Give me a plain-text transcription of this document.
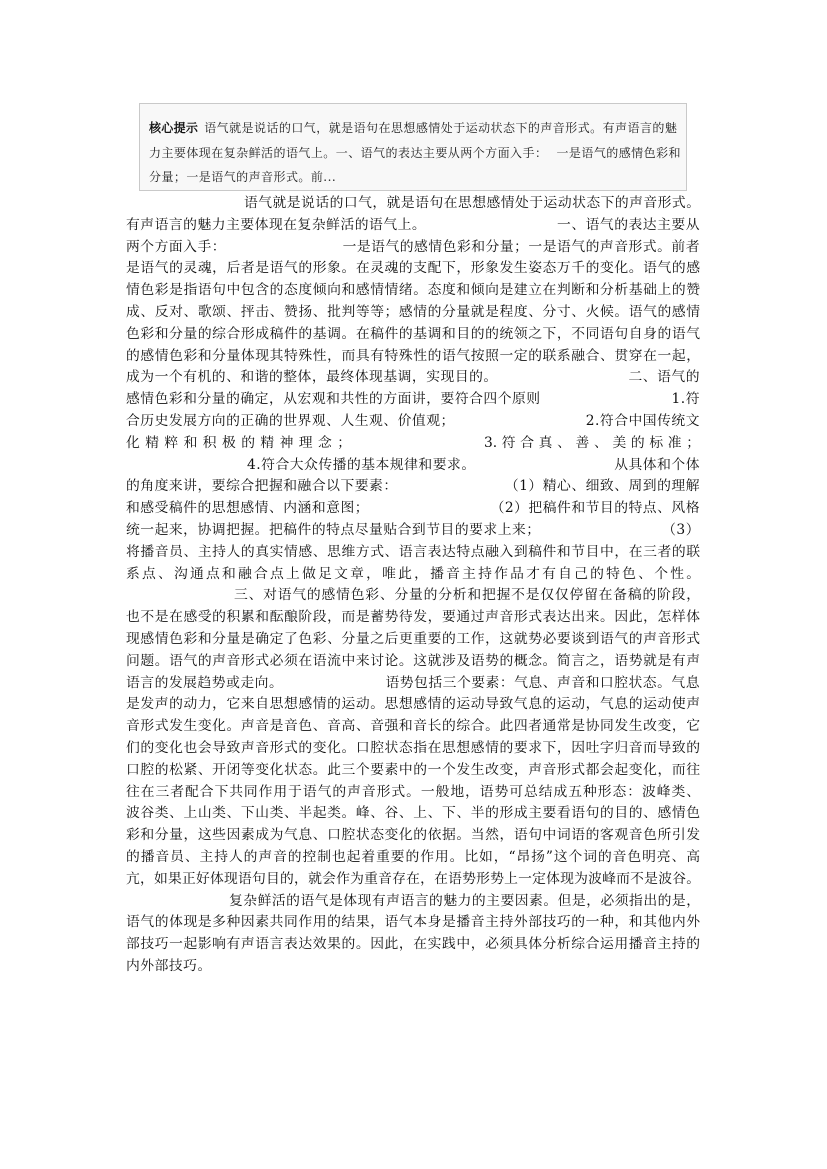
核心提示 语气就是说话的口气，就是语句在思想感情处于运动状态下的声音形式。有声语言的魅
力主要体现在复杂鲜活的语气上。一、语气的表达主要从两个方面入手： 一是语气的感情色彩和
分量；一是语气的声音形式。前...
语气就是说话的口气，就是语句在思想感情处于运动状态下的声音形式。
有声语言的魅力主要体现在复杂鲜活的语气上。	一、语气的表达主要从
两个方面入手：	一是语气的感情色彩和分量；一是语气的声音形式。前者
是语气的灵魂，后者是语气的形象。在灵魂的支配下，形象发生姿态万千的变化。语气的感
情色彩是指语句中包含的态度倾向和感情情绪。态度和倾向是建立在判断和分析基础上的赞
成、反对、歌颂、抨击、赞扬、批判等等；感情的分量就是程度、分寸、火候。语气的感情
色彩和分量的综合形成稿件的基调。在稿件的基调和目的的统领之下，不同语句自身的语气
的感情色彩和分量体现其特殊性，而具有特殊性的语气按照一定的联系融合、贯穿在一起，
成为一个有机的、和谐的整体，最终体现基调，实现目的。	二、语气的
感情色彩和分量的确定，从宏观和共性的方面讲，要符合四个原则	1.符
合历史发展方向的正确的世界观、人生观、价值观；	2.符合中国传统文
化精粹和积极的精神理念；	3.符合真、善、美的标准；
4.符合大众传播的基本规律和要求。	从具体和个体
的角度来讲，要综合把握和融合以下要素：	（1）精心、细致、周到的理解
和感受稿件的思想感情、内涵和意图；	（2）把稿件和节目的特点、风格
统一起来，协调把握。把稿件的特点尽量贴合到节目的要求上来；	（3）
将播音员、主持人的真实情感、思维方式、语言表达特点融入到稿件和节目中，在三者的联
系点、沟通点和融合点上做足文章，唯此，播音主持作品才有自己的特色、个性。
三、对语气的感情色彩、分量的分析和把握不是仅仅停留在备稿的阶段，
也不是在感受的积累和酝酿阶段，而是蓄势待发，要通过声音形式表达出来。因此，怎样体
现感情色彩和分量是确定了色彩、分量之后更重要的工作，这就势必要谈到语气的声音形式
问题。语气的声音形式必须在语流中来讨论。这就涉及语势的概念。简言之，语势就是有声
语言的发展趋势或走向。	语势包括三个要素：气息、声音和口腔状态。气息
是发声的动力，它来自思想感情的运动。思想感情的运动导致气息的运动，气息的运动使声
音形式发生变化。声音是音色、音高、音强和音长的综合。此四者通常是协同发生改变，它
们的变化也会导致声音形式的变化。口腔状态指在思想感情的要求下，因吐字归音而导致的
口腔的松紧、开闭等变化状态。此三个要素中的一个发生改变，声音形式都会起变化，而往
往在三者配合下共同作用于语气的声音形式。一般地，语势可总结成五种形态：波峰类、
波谷类、上山类、下山类、半起类。峰、谷、上、下、半的形成主要看语句的目的、感情色
彩和分量，这些因素成为气息、口腔状态变化的依据。当然，语句中词语的客观音色所引发
的播音员、主持人的声音的控制也起着重要的作用。比如，“昂扬”这个词的音色明亮、高
亢，如果正好体现语句目的，就会作为重音存在，在语势形势上一定体现为波峰而不是波谷。
复杂鲜活的语气是体现有声语言的魅力的主要因素。但是，必须指出的是，
语气的体现是多种因素共同作用的结果，语气本身是播音主持外部技巧的一种，和其他内外
部技巧一起影响有声语言表达效果的。因此，在实践中，必须具体分析综合运用播音主持的
内外部技巧。
